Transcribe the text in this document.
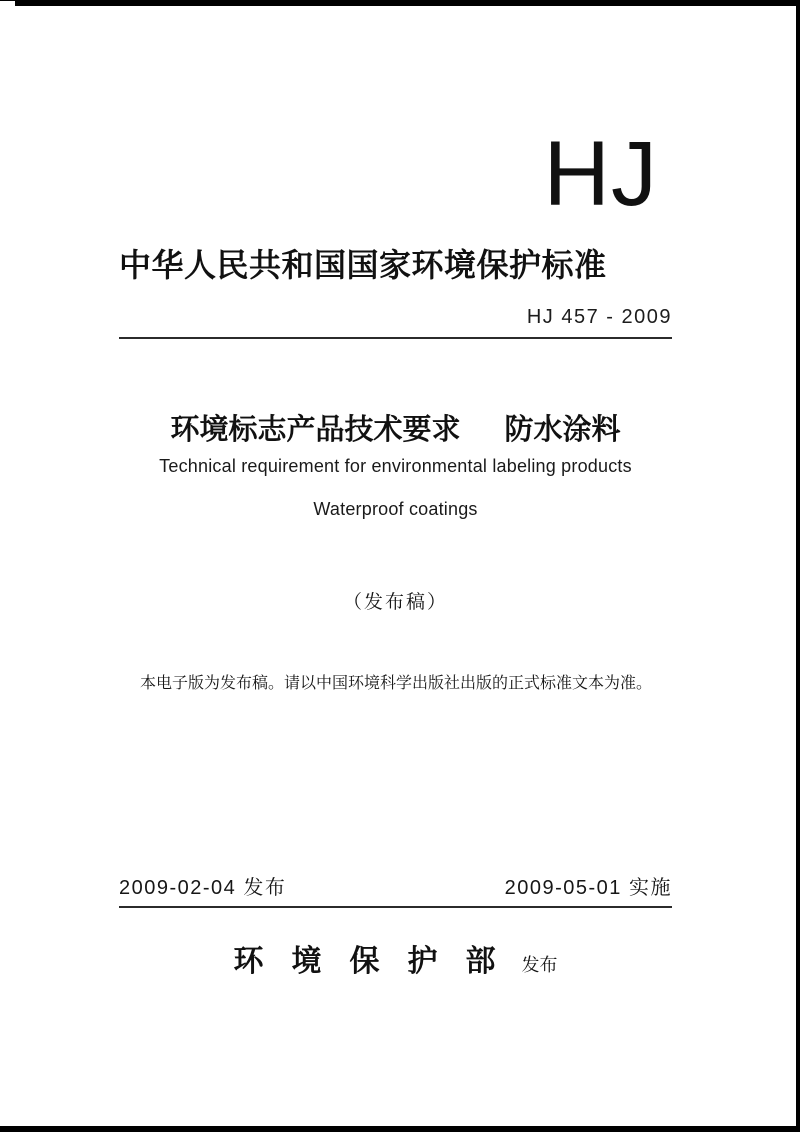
HJ
中华人民共和国国家环境保护标准
HJ 457 - 2009
环境标志产品技术要求 防水涂料
Technical requirement for environmental labeling products
Waterproof coatings
（发布稿）
本电子版为发布稿。请以中国环境科学出版社出版的正式标准文本为准。
2009-02-04 发布	2009-05-01 实施
环境保护部
发布
